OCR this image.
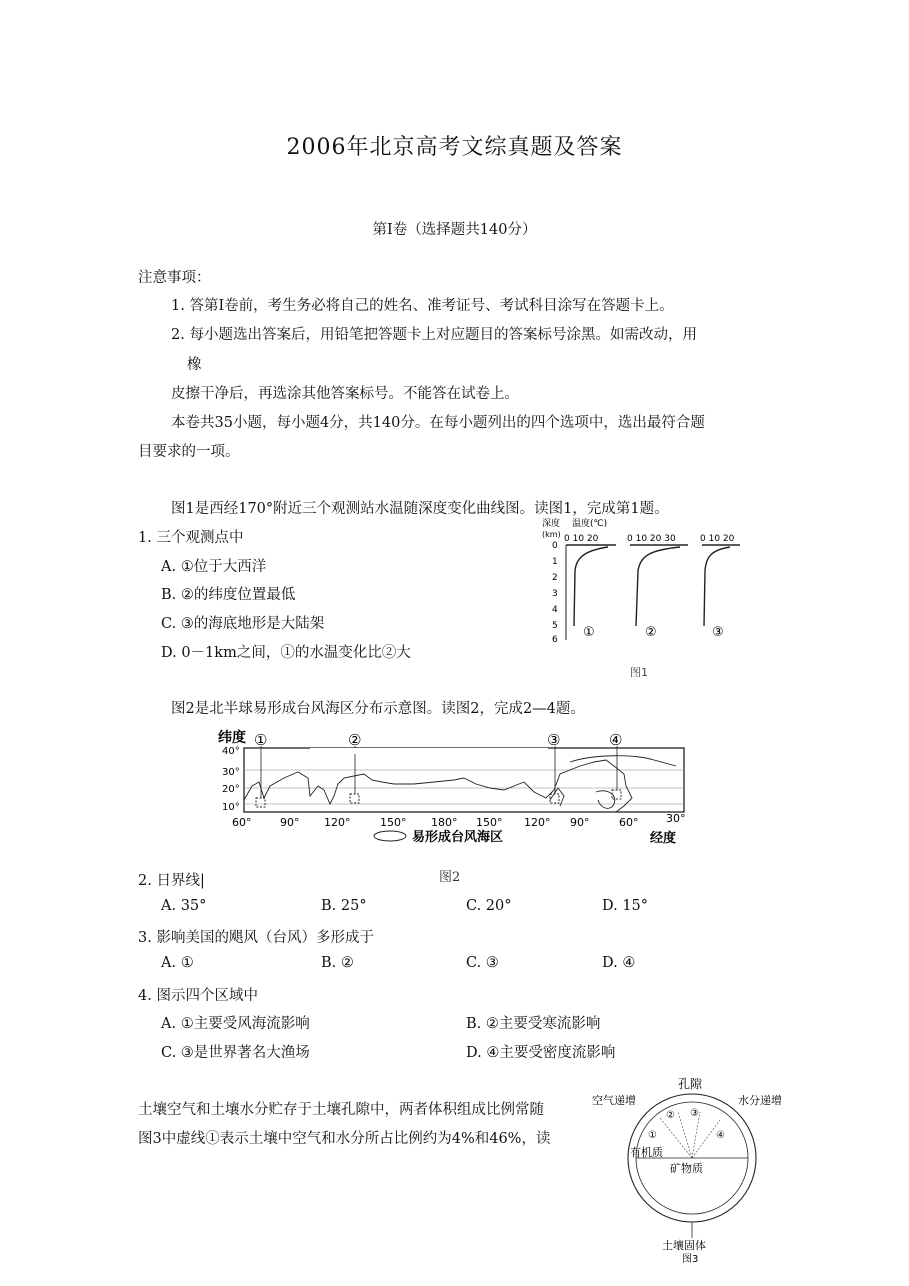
2006年北京高考文综真题及答案
第Ⅰ卷（选择题共140分）
注意事项：
1. 答第Ⅰ卷前，考生务必将自己的姓名、准考证号、考试科目涂写在答题卡上。
2. 每小题选出答案后，用铅笔把答题卡上对应题目的答案标号涂黑。如需改动，用
橡
皮擦干净后，再选涂其他答案标号。不能答在试卷上。
本卷共35小题，每小题4分，共140分。在每小题列出的四个选项中，选出最符合题
目要求的一项。
图1是西经170°附近三个观测站水温随深度变化曲线图。读图1，完成第1题。
1. 三个观测点中
A. ①位于大西洋
B. ②的纬度位置最低
C. ③的海底地形是大陆架
D. 0－1km之间，①的水温变化比②大
深度
(km)
温度(℃)
0 10 20	0 10 20 30	0 10 20
0
1
2
3
4
5
6 ①	②	③
图1
图2是北半球易形成台风海区分布示意图。读图2，完成2—4题。
纬度
40°
30°
20°
10°
①	②	③	④
60°	90° 120°	150° 180° 150° 120° 90°	60°	30°
易形成台风海区	经度
2. 日界线|	图2
A. 35°	B. 25°	C. 20°	D. 15°
3. 影响美国的飓风（台风）多形成于
A. ①	B. ②	C. ③	D. ④
4. 图示四个区域中
A. ①主要受风海流影响	B. ②主要受寒流影响
C. ③是世界著名大渔场	D. ④主要受密度流影响
土壤空气和土壤水分贮存于土壤孔隙中，两者体积组成比例常随
图3中虚线①表示土壤中空气和水分所占比例约为4%和46%，读
孔隙
空气递增	水分递增
② ③
①	④
有机质
矿物质
土壤固体
图3
